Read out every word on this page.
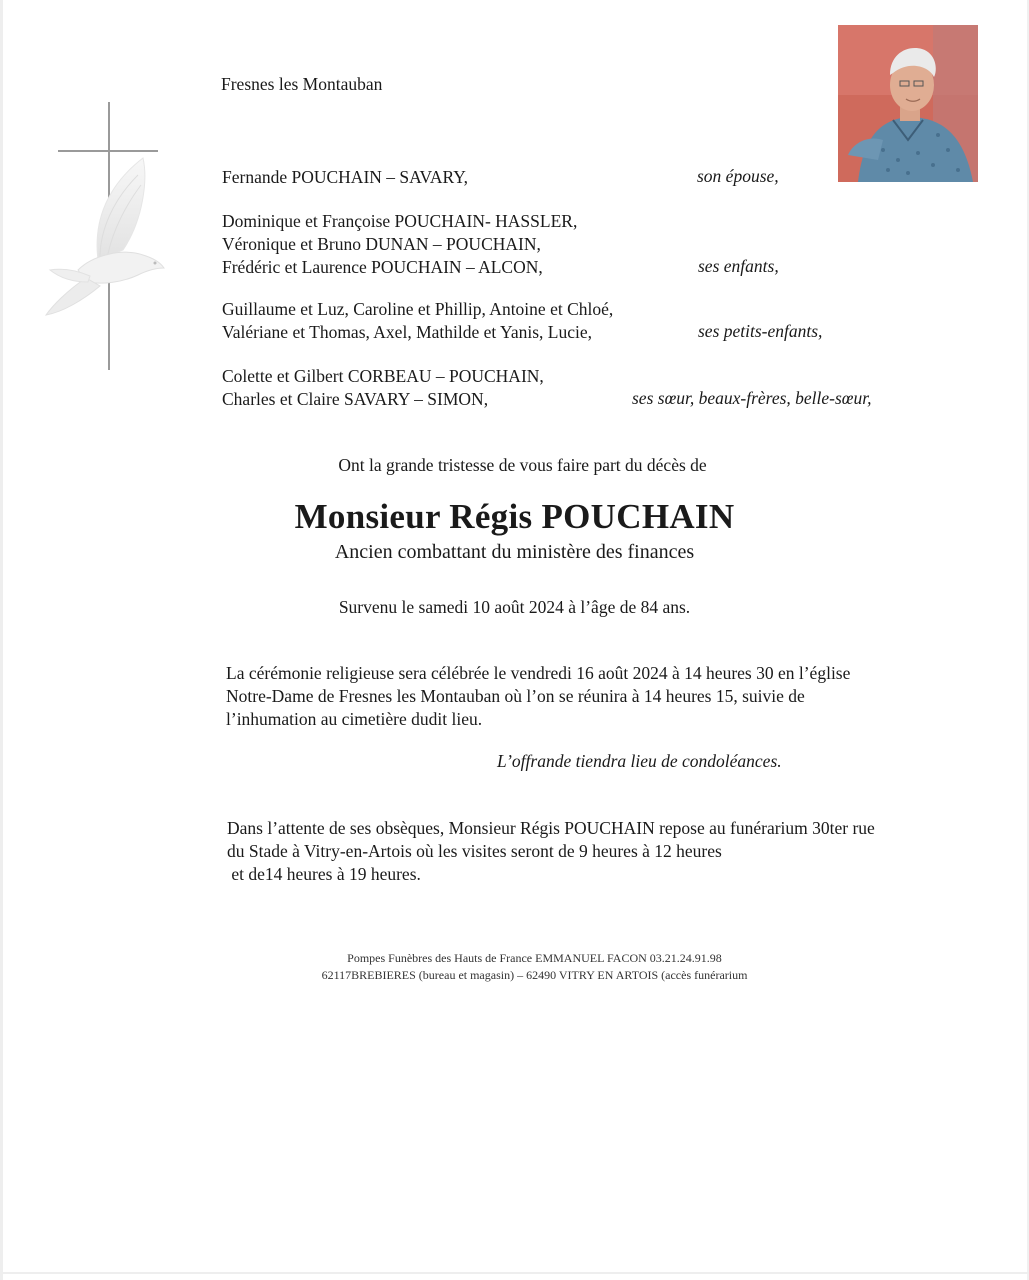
Fresnes les Montauban
Fernande POUCHAIN – SAVARY,	son épouse,
Dominique et Françoise POUCHAIN- HASSLER,
Véronique et Bruno DUNAN – POUCHAIN,
Frédéric et Laurence POUCHAIN – ALCON,	ses enfants,
Guillaume et Luz, Caroline et Phillip, Antoine et Chloé,
Valériane et Thomas, Axel, Mathilde et Yanis, Lucie,	ses petits-enfants,
Colette et Gilbert CORBEAU – POUCHAIN,
Charles et Claire SAVARY – SIMON,	ses sœur, beaux-frères, belle-sœur,
Ont la grande tristesse de vous faire part du décès de
Monsieur Régis POUCHAIN
Ancien combattant du ministère des finances
Survenu le samedi 10 août 2024 à l’âge de 84 ans.
La cérémonie religieuse sera célébrée le vendredi 16 août 2024 à 14 heures 30 en l’église
Notre-Dame de Fresnes les Montauban où l’on se réunira à 14 heures 15, suivie de
l’inhumation au cimetière dudit lieu.
L’offrande tiendra lieu de condoléances.
Dans l’attente de ses obsèques, Monsieur Régis POUCHAIN repose au funérarium 30ter rue
du Stade à Vitry-en-Artois où les visites seront de 9 heures à 12 heures
et de14 heures à 19 heures.
Pompes Funèbres des Hauts de France EMMANUEL FACON 03.21.24.91.98
62117BREBIERES (bureau et magasin) – 62490 VITRY EN ARTOIS (accès funérarium
